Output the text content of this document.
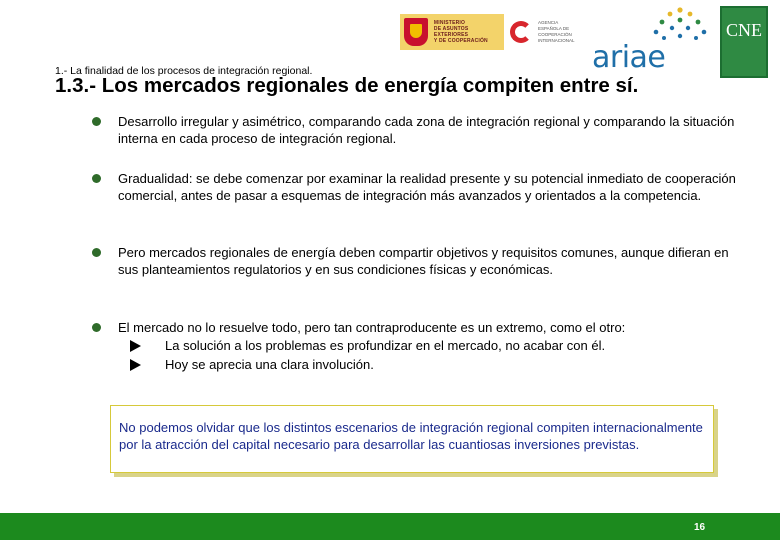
MINISTERIO
DE ASUNTOS EXTERIORES
Y DE COOPERACIÓN
AGENCIA
ESPAÑOLA DE
COOPERACIÓN
INTERNACIONAL ariae
CNE
1.- La finalidad de los procesos de integración regional.
1.3.- Los mercados regionales de energía compiten entre sí.
Desarrollo irregular y asimétrico, comparando cada zona de integración regional y comparando la situación interna en cada proceso de integración regional.
Gradualidad: se debe comenzar por examinar la realidad presente y su potencial inmediato de cooperación comercial, antes de pasar a esquemas de integración más avanzados y orientados a la competencia.
Pero mercados regionales de energía deben compartir objetivos y requisitos comunes, aunque difieran en sus planteamientos regulatorios y en sus condiciones físicas y económicas.
El mercado no lo resuelve todo, pero tan contraproducente es un extremo, como el otro:
La solución a los problemas es profundizar en el mercado, no acabar con él.
Hoy se aprecia una clara involución.
No podemos olvidar que los distintos escenarios de integración regional compiten internacionalmente por la atracción del capital necesario para desarrollar las cuantiosas inversiones previstas.
16
